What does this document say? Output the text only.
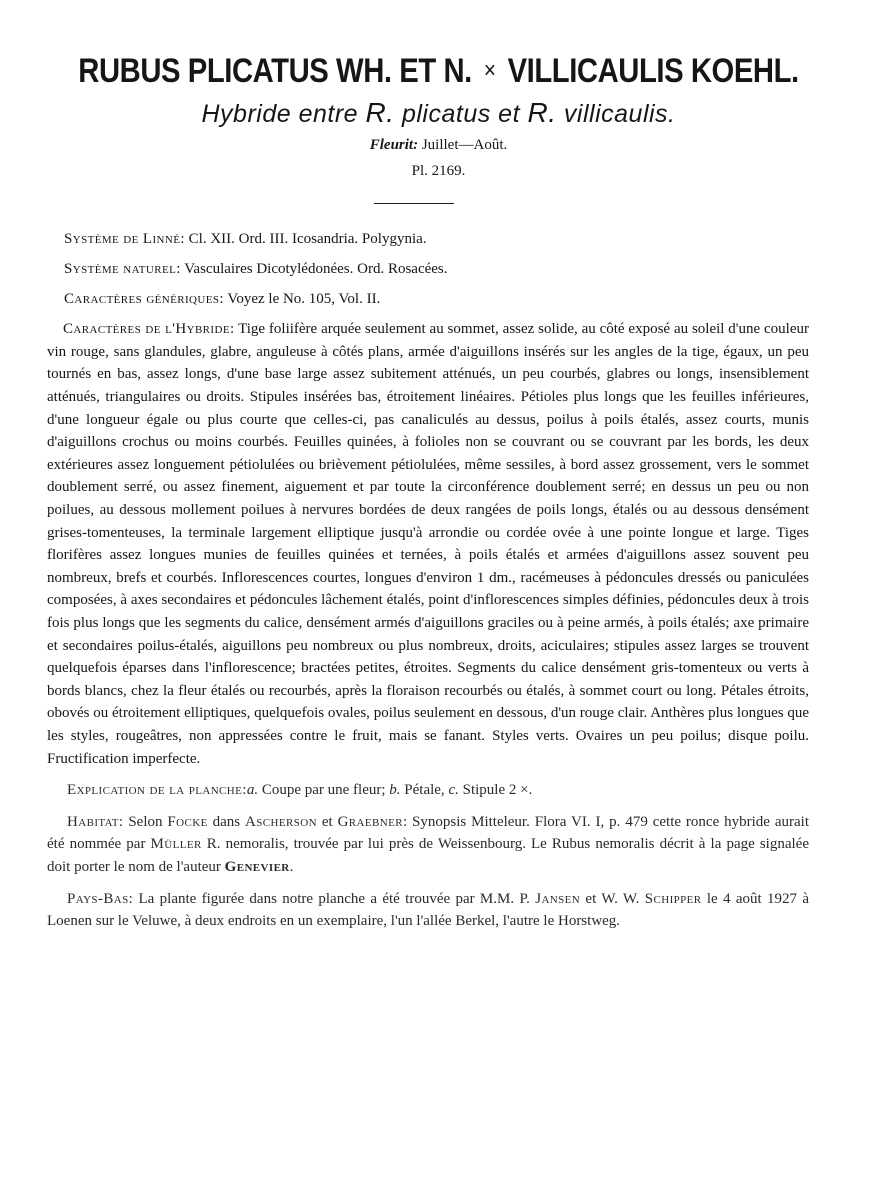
RUBUS PLICATUS WH. ET N. × VILLICAULIS KOEHL.
Hybride entre R. plicatus et R. villicaulis.
Fleurit: Juillet—Août.
Pl. 2169.

Système de Linné: Cl. XII. Ord. III. Icosandria. Polygynia.

Système naturel: Vasculaires Dicotylédonées. Ord. Rosacées.

Caractères génériques: Voyez le No. 105, Vol. II.

Caractères de l'Hybride: Tige foliifère arquée seulement au sommet, assez solide, au côté exposé au soleil d'une couleur vin rouge, sans glandules, glabre, anguleuse à côtés plans, armée d'aiguillons insérés sur les angles de la tige, égaux, un peu tournés en bas, assez longs, d'une base large assez subitement atténués, un peu courbés, glabres ou longs, insensiblement atténués, triangulaires ou droits. Stipules insérées bas, étroitement linéaires. Pétioles plus longs que les feuilles inférieures, d'une longueur égale ou plus courte que celles-ci, pas canaliculés au dessus, poilus à poils étalés, assez courts, munis d'aiguillons crochus ou moins courbés. Feuilles quinées, à folioles non se couvrant ou se couvrant par les bords, les deux extérieures assez longuement pétiolulées ou brièvement pétiolulées, même sessiles, à bord assez grossement, vers le sommet doublement serré, ou assez finement, aiguement et par toute la circonférence doublement serré; en dessus un peu ou non poilues, au dessous mollement poilues à nervures bordées de deux rangées de poils longs, étalés ou au dessous densément grises-tomenteuses, la terminale largement elliptique jusqu'à arrondie ou cordée ovée à une pointe longue et large. Tiges florifères assez longues munies de feuilles quinées et ternées, à poils étalés et armées d'aiguillons assez souvent peu nombreux, brefs et courbés. Inflorescences courtes, longues d'environ 1 dm., racémeuses à pédoncules dressés ou paniculées composées, à axes secondaires et pédoncules lâchement étalés, point d'inflorescences simples définies, pédoncules deux à trois fois plus longs que les segments du calice, densément armés d'aiguillons graciles ou à peine armés, à poils étalés; axe primaire et secondaires poilus-étalés, aiguillons peu nombreux ou plus nombreux, droits, aciculaires; stipules assez larges se trouvent quelquefois éparses dans l'inflorescence; bractées petites, étroites. Segments du calice densément gris-tomenteux ou verts à bords blancs, chez la fleur étalés ou recourbés, après la floraison recourbés ou étalés, à sommet court ou long. Pétales étroits, obovés ou étroitement elliptiques, quelquefois ovales, poilus seulement en dessous, d'un rouge clair. Anthères plus longues que les styles, rougeâtres, non appressées contre le fruit, mais se fanant. Styles verts. Ovaires un peu poilus; disque poilu. Fructification imperfecte.

Explication de la planche:a. Coupe par une fleur; b. Pétale, c. Stipule 2 ×.

Habitat: Selon Focke dans Ascherson et Graebner: Synopsis Mitteleur. Flora VI. I, p. 479 cette ronce hybride aurait été nommée par Müller R. nemoralis, trouvée par lui près de Weissenbourg. Le Rubus nemoralis décrit à la page signalée doit porter le nom de l'auteur Genevier.

Pays-Bas: La plante figurée dans notre planche a été trouvée par M.M. P. Jansen et W. W. Schipper le 4 août 1927 à Loenen sur le Veluwe, à deux endroits en un exemplaire, l'un l'allée Berkel, l'autre le Horstweg.
